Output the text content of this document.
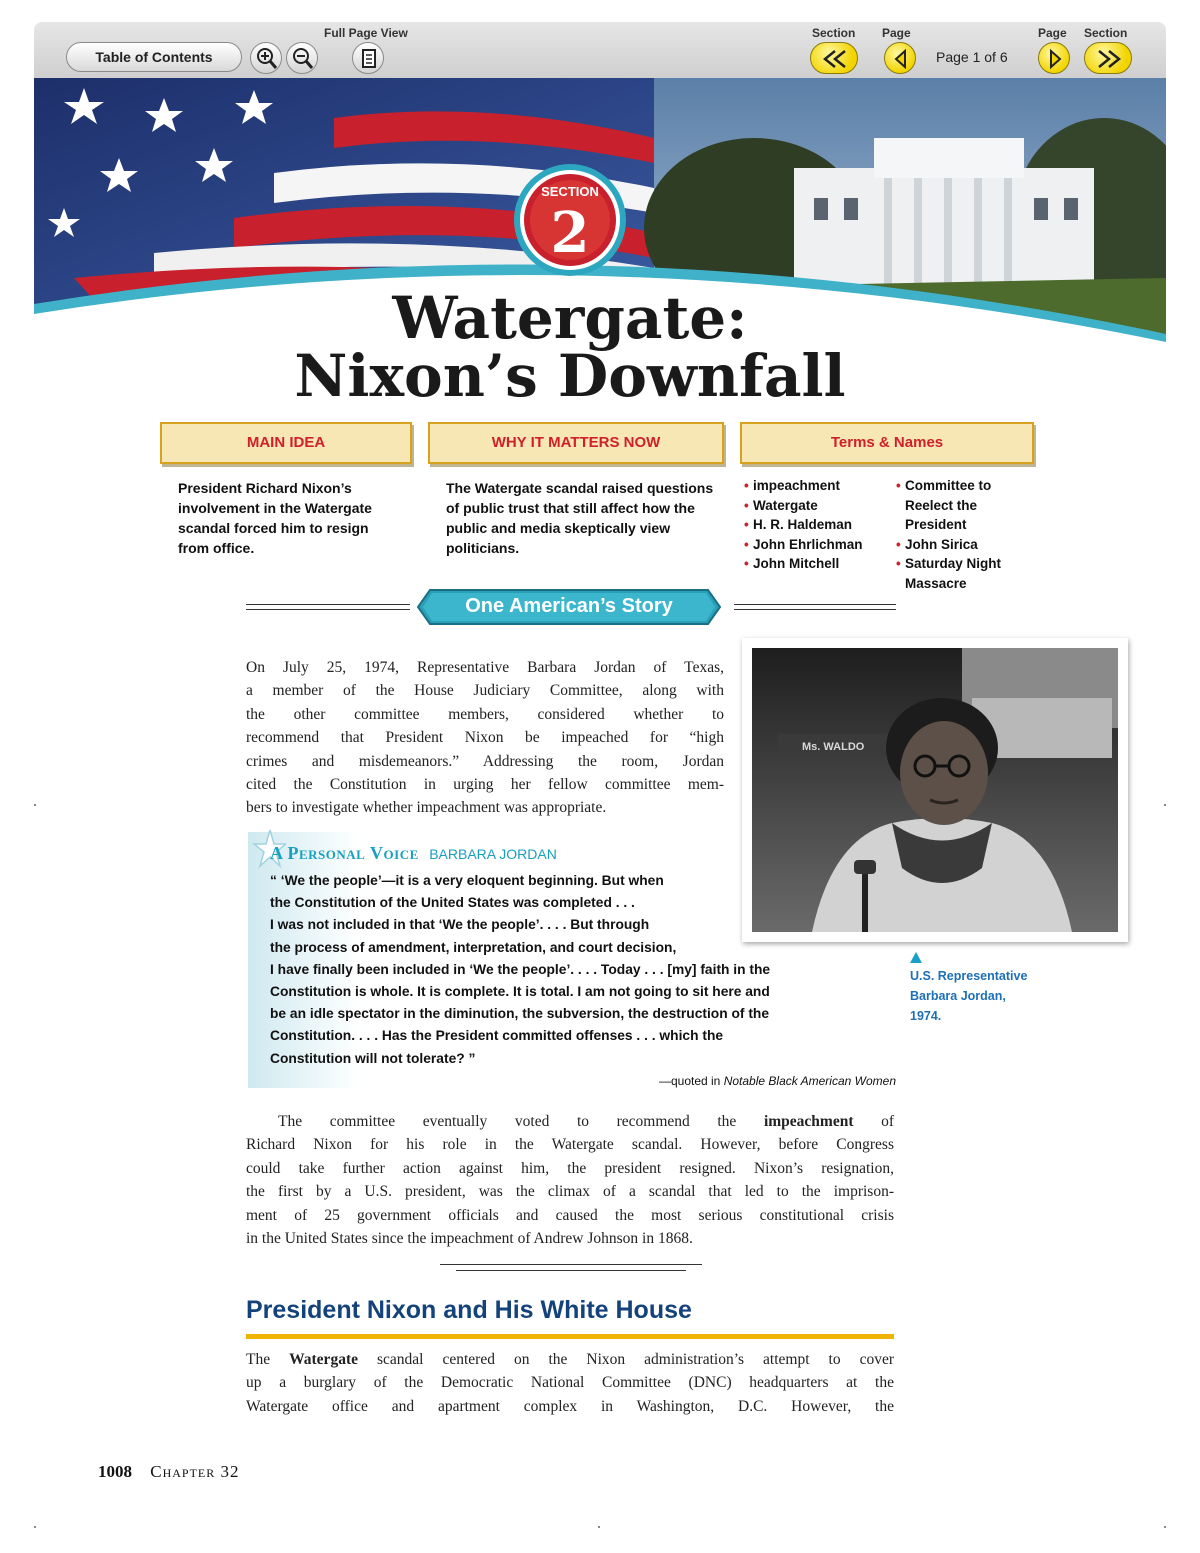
Table of Contents
Full Page View	Section Page
Page 1 of 6
Page Section
SECTION
2
Watergate:
Nixon’s Downfall
MAIN IDEA	WHY IT MATTERS NOW	Terms & Names
President Richard Nixon’s involvement in the Watergate scandal forced him to resign from office.
The Watergate scandal raised questions of public trust that still affect how the public and media skeptically view politicians.
• impeachment
• Watergate
• H. R. Haldeman
• John Ehrlichman
• John Mitchell
• Committee to
Reelect the
President
• John Sirica
• Saturday Night
Massacre
One American’s Story
On July 25, 1974, Representative Barbara Jordan of Texas,
a member of the House Judiciary Committee, along with
the other committee members, considered whether to
recommend that President Nixon be impeached for “high
crimes and misdemeanors.” Addressing the room, Jordan
cited the Constitution in urging her fellow committee mem-
bers to investigate whether impeachment was appropriate.
Ms. WALDO
U.S. Representative
Barbara Jordan,
1974.
A Personal Voice BARBARA JORDAN
“ ‘We the people’—it is a very eloquent beginning. But when
the Constitution of the United States was completed . . .
I was not included in that ‘We the people’. . . . But through
the process of amendment, interpretation, and court decision,
I have finally been included in ‘We the people’. . . . Today . . . [my] faith in the
Constitution is whole. It is complete. It is total. I am not going to sit here and
be an idle spectator in the diminution, the subversion, the destruction of the
Constitution. . . . Has the President committed offenses . . . which the
Constitution will not tolerate? ”
—quoted in Notable Black American Women
The committee eventually voted to recommend the impeachment of
Richard Nixon for his role in the Watergate scandal. However, before Congress
could take further action against him, the president resigned. Nixon’s resignation,
the first by a U.S. president, was the climax of a scandal that led to the imprison-
ment of 25 government officials and caused the most serious constitutional crisis
in the United States since the impeachment of Andrew Johnson in 1868.
President Nixon and His White House
The Watergate scandal centered on the Nixon administration’s attempt to cover
up a burglary of the Democratic National Committee (DNC) headquarters at the
Watergate office and apartment complex in Washington, D.C. However, the
1008 Chapter 32
